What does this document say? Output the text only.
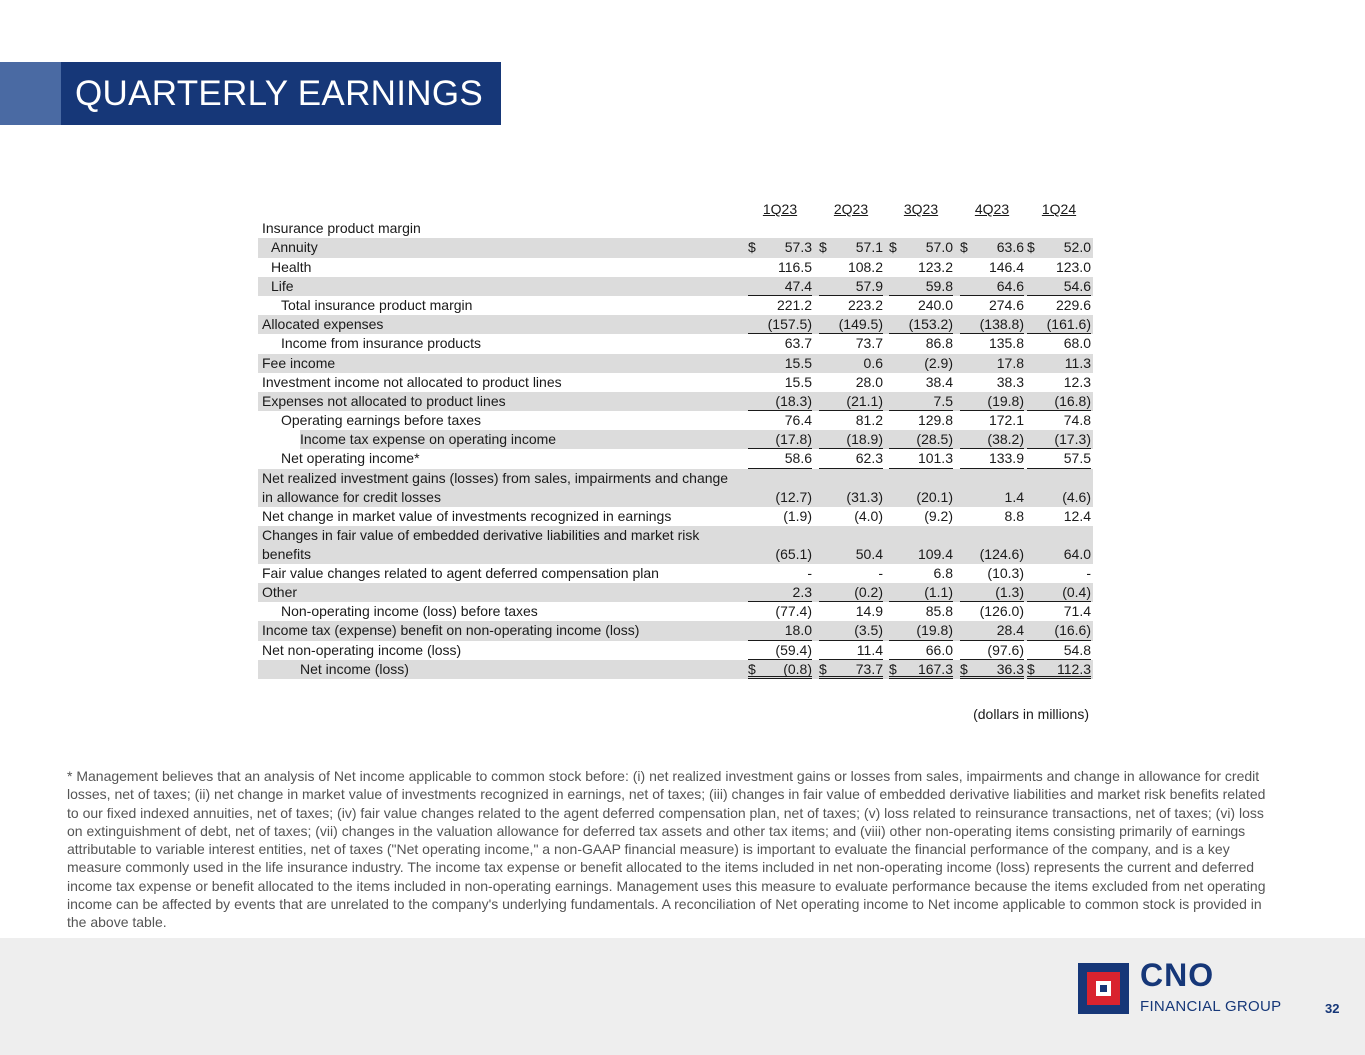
QUARTERLY EARNINGS
1Q23	2Q23	3Q23	4Q23	1Q24
Insurance product margin
Annuity	$ 57.3 $ 57.1 $ 57.0 $ 63.6 $ 52.0
Health	116.5	108.2 123.2	146.4 123.0
Life	47.4	57.9	59.8	64.6	54.6
Total insurance product margin	221.2	223.2 240.0	274.6 229.6
Allocated expenses	(157.5) (149.5) (153.2) (138.8) (161.6)
Income from insurance products	63.7	73.7	86.8	135.8	68.0
Fee income	15.5	0.6	(2.9)	17.8	11.3
Investment income not allocated to product lines	15.5	28.0	38.4	38.3	12.3
Expenses not allocated to product lines	(18.3) (21.1)	7.5 (19.8) (16.8)
Operating earnings before taxes	76.4	81.2 129.8	172.1	74.8
Income tax expense on operating income	(17.8) (18.9) (28.5) (38.2) (17.3)
Net operating income*	58.6	62.3 101.3	133.9	57.5
Net realized investment gains (losses) from sales, impairments and change in allowance for credit losses	(12.7) (31.3) (20.1)	1.4	(4.6)
Net change in market value of investments recognized in earnings	(1.9)	(4.0)	(9.2)	8.8	12.4
Changes in fair value of embedded derivative liabilities and market risk benefits	(65.1)	50.4 109.4 (124.6)	64.0
Fair value changes related to agent deferred compensation plan	-	-	6.8 (10.3)	-
Other	2.3	(0.2)	(1.1)	(1.3)	(0.4)
Non-operating income (loss) before taxes	(77.4)	14.9	85.8 (126.0)	71.4
Income tax (expense) benefit on non-operating income (loss)	18.0	(3.5) (19.8)	28.4 (16.6)
Net non-operating income (loss)	(59.4)	11.4	66.0 (97.6)	54.8
Net income (loss)	$ (0.8) $ 73.7 $ 167.3 $ 36.3 $ 112.3
(dollars in millions)
* Management believes that an analysis of Net income applicable to common stock before: (i) net realized investment gains or losses from sales, impairments and change in allowance for credit losses, net of taxes; (ii) net change in market value of investments recognized in earnings, net of taxes; (iii) changes in fair value of embedded derivative liabilities and market risk benefits related to our fixed indexed annuities, net of taxes; (iv) fair value changes related to the agent deferred compensation plan, net of taxes; (v) loss related to reinsurance transactions, net of taxes; (vi) loss on extinguishment of debt, net of taxes; (vii) changes in the valuation allowance for deferred tax assets and other tax items; and (viii) other non-operating items consisting primarily of earnings attributable to variable interest entities, net of taxes ("Net operating income," a non-GAAP financial measure) is important to evaluate the financial performance of the company, and is a key measure commonly used in the life insurance industry. The income tax expense or benefit allocated to the items included in net non-operating income (loss) represents the current and deferred income tax expense or benefit allocated to the items included in non-operating earnings. Management uses this measure to evaluate performance because the items excluded from net operating income can be affected by events that are unrelated to the company's underlying fundamentals. A reconciliation of Net operating income to Net income applicable to common stock is provided in the above table.
CNO
FINANCIAL GROUP	32
